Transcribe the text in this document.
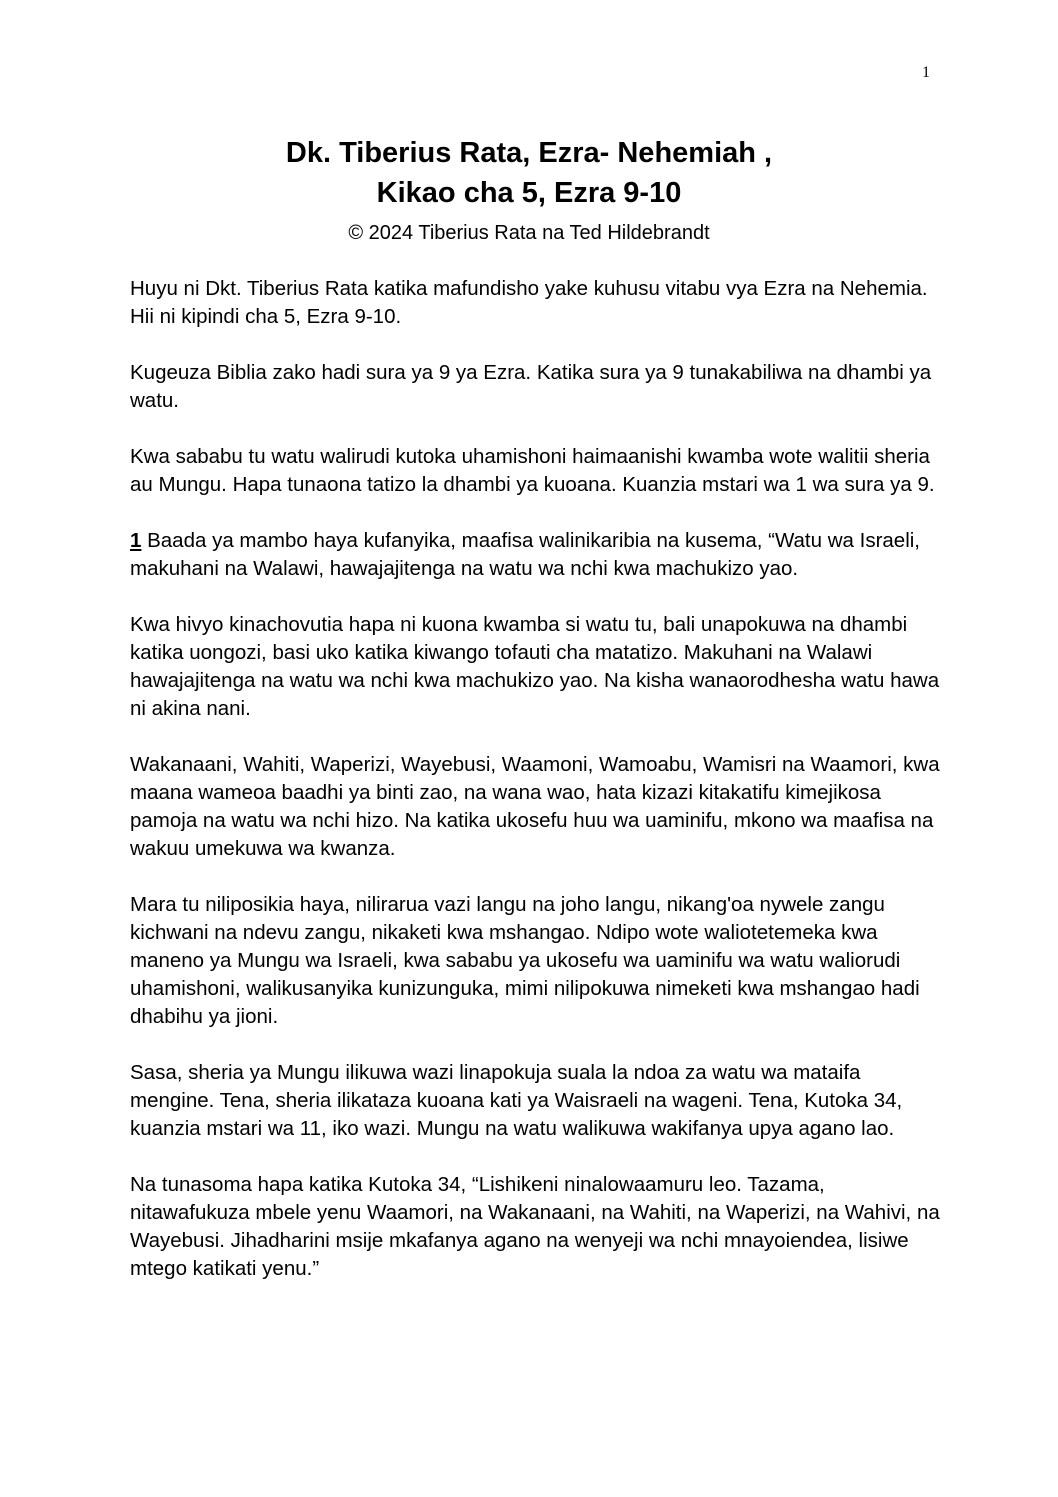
1
Dk. Tiberius Rata, Ezra- Nehemiah ,
Kikao cha 5, Ezra 9-10
© 2024 Tiberius Rata na Ted Hildebrandt

Huyu ni Dkt. Tiberius Rata katika mafundisho yake kuhusu vitabu vya Ezra na Nehemia. Hii ni kipindi cha 5, Ezra 9-10.

Kugeuza Biblia zako hadi sura ya 9 ya Ezra. Katika sura ya 9 tunakabiliwa na dhambi ya watu.

Kwa sababu tu watu walirudi kutoka uhamishoni haimaanishi kwamba wote walitii sheria au Mungu. Hapa tunaona tatizo la dhambi ya kuoana. Kuanzia mstari wa 1 wa sura ya 9.

1 Baada ya mambo haya kufanyika, maafisa walinikaribia na kusema, “Watu wa Israeli, makuhani na Walawi, hawajajitenga na watu wa nchi kwa machukizo yao.

Kwa hivyo kinachovutia hapa ni kuona kwamba si watu tu, bali unapokuwa na dhambi katika uongozi, basi uko katika kiwango tofauti cha matatizo. Makuhani na Walawi hawajajitenga na watu wa nchi kwa machukizo yao. Na kisha wanaorodhesha watu hawa ni akina nani.

Wakanaani, Wahiti, Waperizi, Wayebusi, Waamoni, Wamoabu, Wamisri na Waamori, kwa maana wameoa baadhi ya binti zao, na wana wao, hata kizazi kitakatifu kimejikosa pamoja na watu wa nchi hizo. Na katika ukosefu huu wa uaminifu, mkono wa maafisa na wakuu umekuwa wa kwanza.

Mara tu niliposikia haya, nilirarua vazi langu na joho langu, nikang'oa nywele zangu kichwani na ndevu zangu, nikaketi kwa mshangao. Ndipo wote waliotetemeka kwa maneno ya Mungu wa Israeli, kwa sababu ya ukosefu wa uaminifu wa watu waliorudi uhamishoni, walikusanyika kunizunguka, mimi nilipokuwa nimeketi kwa mshangao hadi dhabihu ya jioni.

Sasa, sheria ya Mungu ilikuwa wazi linapokuja suala la ndoa za watu wa mataifa mengine. Tena, sheria ilikataza kuoana kati ya Waisraeli na wageni. Tena, Kutoka 34, kuanzia mstari wa 11, iko wazi. Mungu na watu walikuwa wakifanya upya agano lao.

Na tunasoma hapa katika Kutoka 34, “Lishikeni ninalowaamuru leo. Tazama, nitawafukuza mbele yenu Waamori, na Wakanaani, na Wahiti, na Waperizi, na Wahivi, na Wayebusi. Jihadharini msije mkafanya agano na wenyeji wa nchi mnayoiendea, lisiwe mtego katikati yenu.”
